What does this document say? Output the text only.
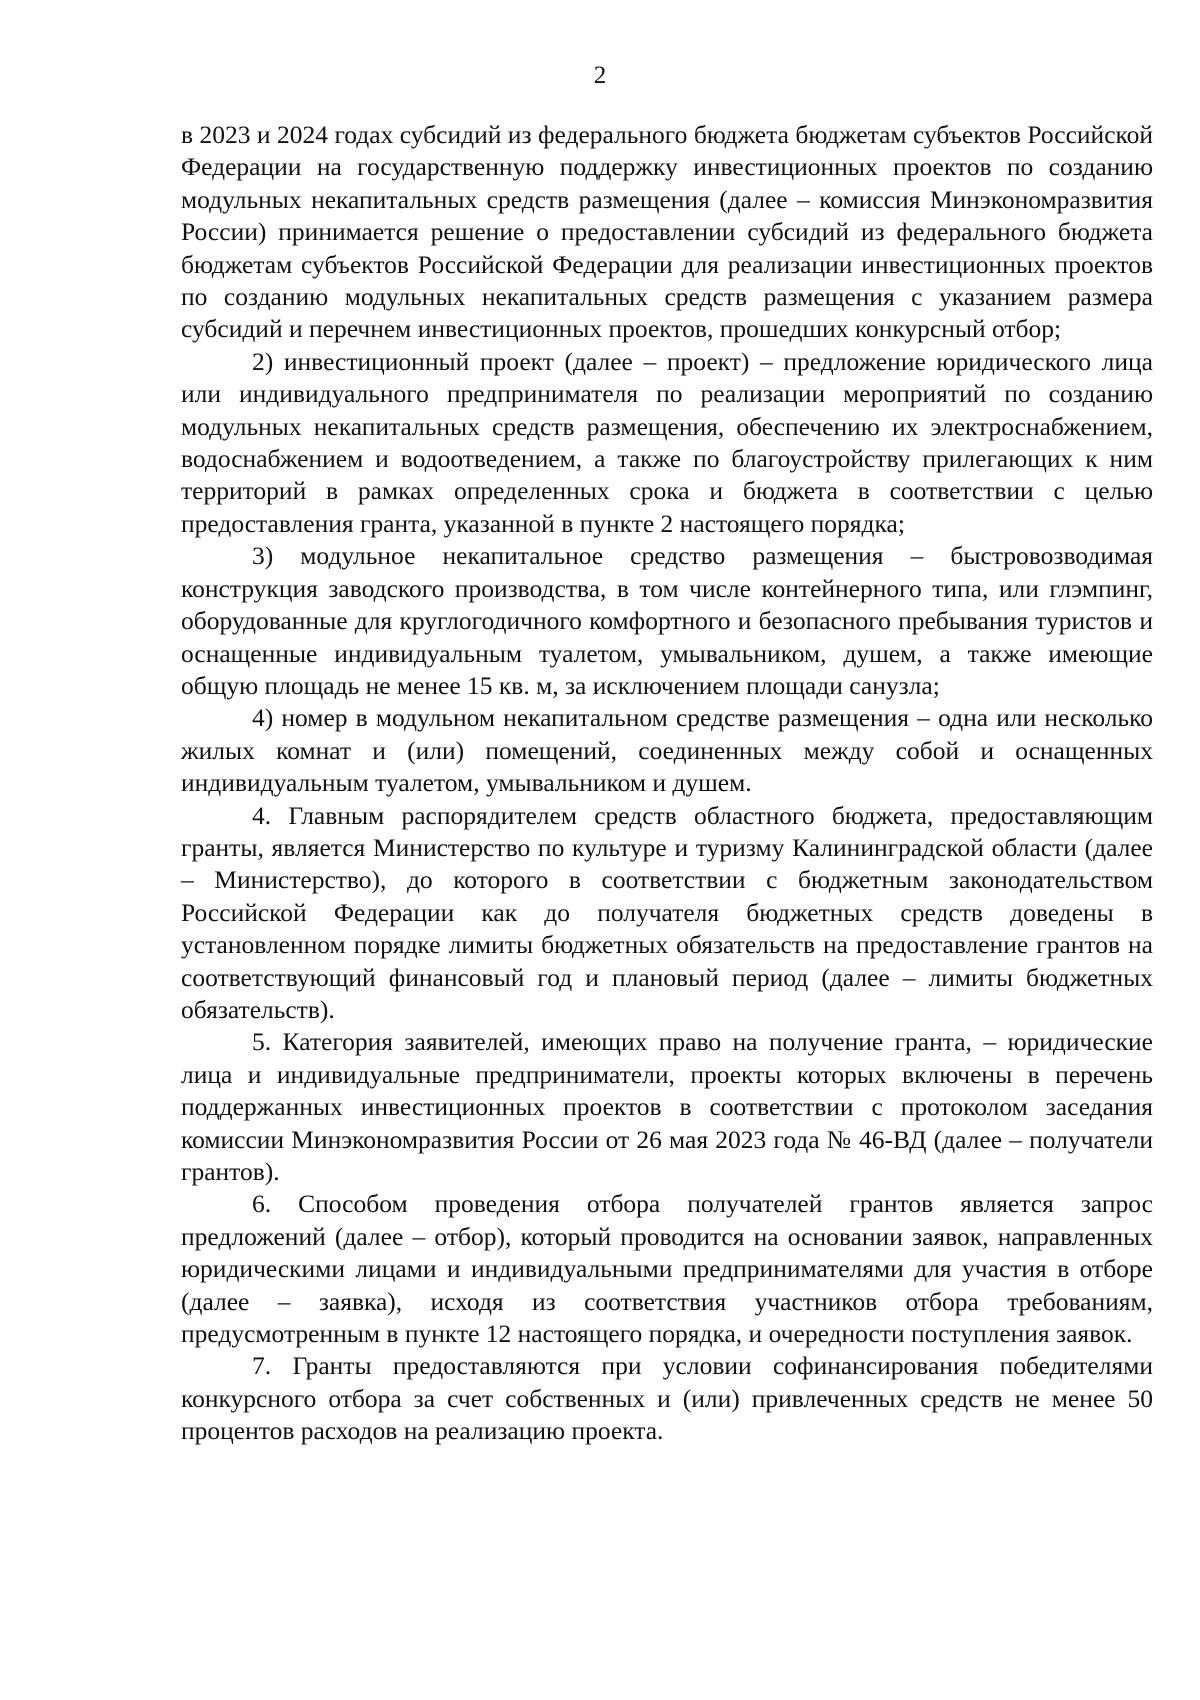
2

в 2023 и 2024 годах субсидий из федерального бюджета бюджетам субъектов Российской Федерации на государственную поддержку инвестиционных проектов по созданию модульных некапитальных средств размещения (далее – комиссия Минэкономразвития России) принимается решение о предоставлении субсидий из федерального бюджета бюджетам субъектов Российской Федерации для реализации инвестиционных проектов по созданию модульных некапитальных средств размещения с указанием размера субсидий и перечнем инвестиционных проектов, прошедших конкурсный отбор;

2) инвестиционный проект (далее – проект) – предложение юридического лица или индивидуального предпринимателя по реализации мероприятий по созданию модульных некапитальных средств размещения, обеспечению их электроснабжением, водоснабжением и водоотведением, а также по благоустройству прилегающих к ним территорий в рамках определенных срока и бюджета в соответствии с целью предоставления гранта, указанной в пункте 2 настоящего порядка;

3) модульное некапитальное средство размещения – быстровозводимая конструкция заводского производства, в том числе контейнерного типа, или глэмпинг, оборудованные для круглогодичного комфортного и безопасного пребывания туристов и оснащенные индивидуальным туалетом, умывальником, душем, а также имеющие общую площадь не менее 15 кв. м, за исключением площади санузла;

4) номер в модульном некапитальном средстве размещения – одна или несколько жилых комнат и (или) помещений, соединенных между собой и оснащенных индивидуальным туалетом, умывальником и душем.

4. Главным распорядителем средств областного бюджета, предоставляющим гранты, является Министерство по культуре и туризму Калининградской области (далее – Министерство), до которого в соответствии с бюджетным законодательством Российской Федерации как до получателя бюджетных средств доведены в установленном порядке лимиты бюджетных обязательств на предоставление грантов на соответствующий финансовый год и плановый период (далее – лимиты бюджетных обязательств).

5. Категория заявителей, имеющих право на получение гранта, – юридические лица и индивидуальные предприниматели, проекты которых включены в перечень поддержанных инвестиционных проектов в соответствии с протоколом заседания комиссии Минэкономразвития России от 26 мая 2023 года № 46-ВД (далее – получатели грантов).

6. Способом проведения отбора получателей грантов является запрос предложений (далее – отбор), который проводится на основании заявок, направленных юридическими лицами и индивидуальными предпринимателями для участия в отборе (далее – заявка), исходя из соответствия участников отбора требованиям, предусмотренным в пункте 12 настоящего порядка, и очередности поступления заявок.

7. Гранты предоставляются при условии софинансирования победителями конкурсного отбора за счет собственных и (или) привлеченных средств не менее 50 процентов расходов на реализацию проекта.
